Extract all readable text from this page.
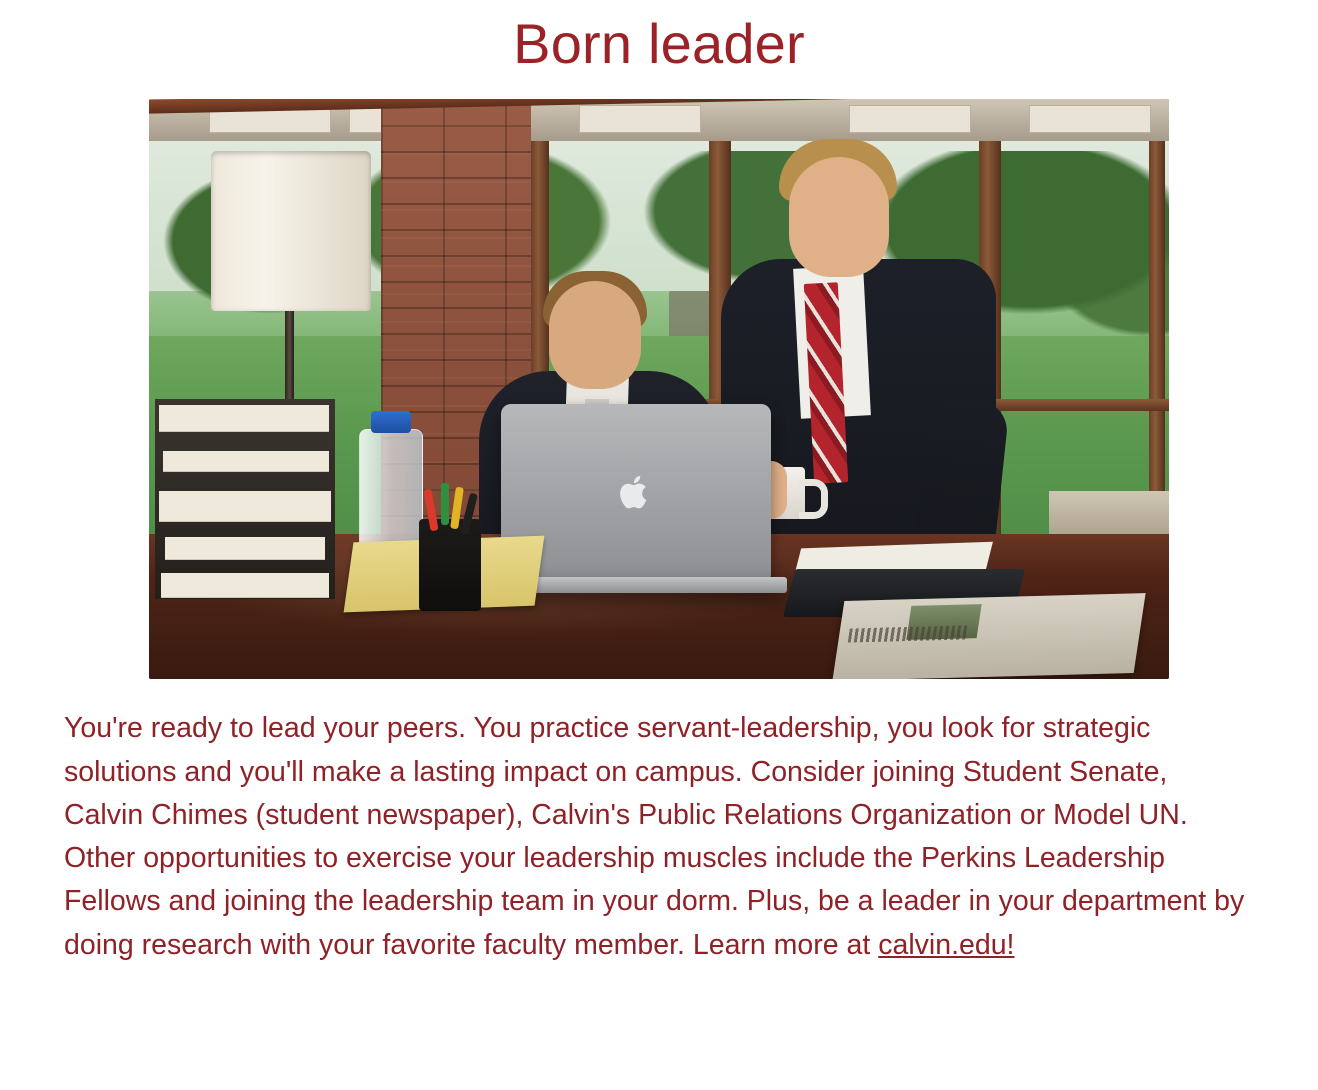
Born leader

You're ready to lead your peers. You practice servant-leadership, you look for strategic solutions and you'll make a lasting impact on campus. Consider joining Student Senate, Calvin Chimes (student newspaper), Calvin's Public Relations Organization or Model UN. Other opportunities to exercise your leadership muscles include the Perkins Leadership Fellows and joining the leadership team in your dorm. Plus, be a leader in your department by doing research with your favorite faculty member. Learn more at calvin.edu!
